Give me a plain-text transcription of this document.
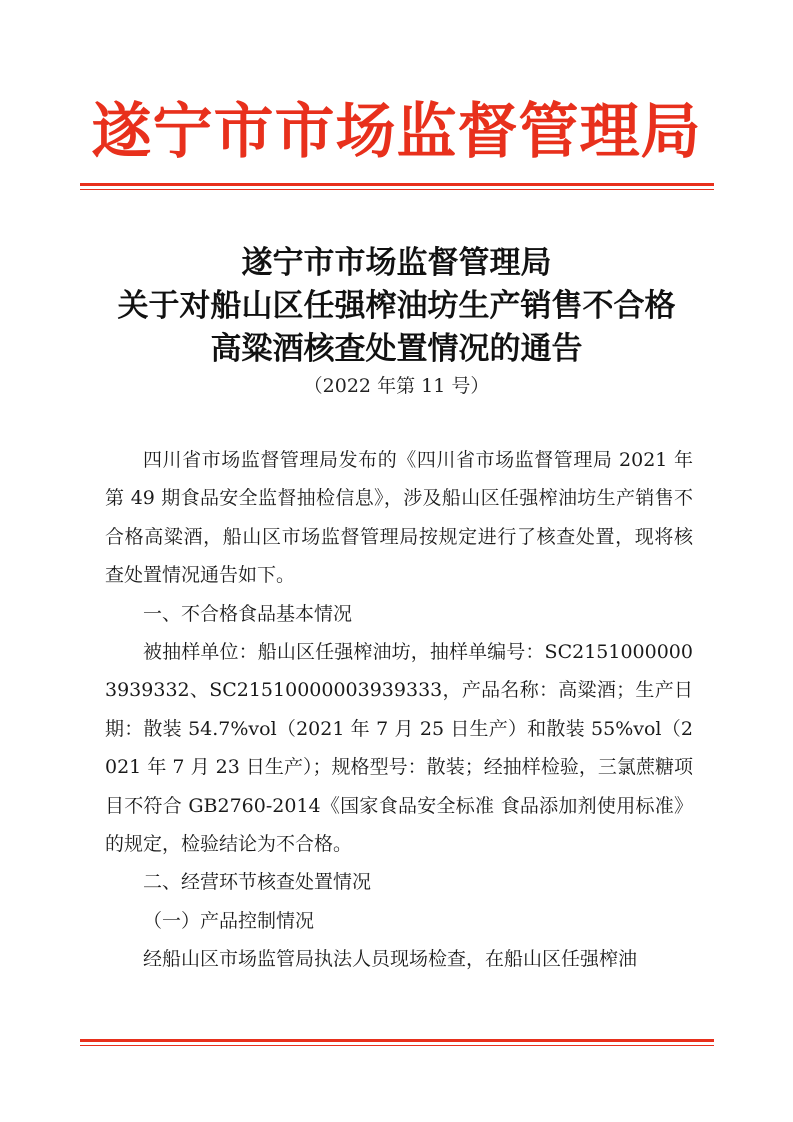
遂宁市市场监督管理局
遂宁市市场监督管理局
关于对船山区任强榨油坊生产销售不合格
高粱酒核查处置情况的通告
（2022 年第 11 号）

四川省市场监督管理局发布的《四川省市场监督管理局 2021 年第 49 期食品安全监督抽检信息》，涉及船山区任强榨油坊生产销售不合格高粱酒，船山区市场监督管理局按规定进行了核查处置，现将核查处置情况通告如下。

一、不合格食品基本情况

被抽样单位：船山区任强榨油坊，抽样单编号：SC21510000003939332、SC21510000003939333，产品名称：高粱酒；生产日期：散装 54.7%vol（2021 年 7 月 25 日生产）和散装 55%vol（2021 年 7 月 23 日生产）；规格型号：散装；经抽样检验，三氯蔗糖项目不符合 GB2760-2014《国家食品安全标准 食品添加剂使用标准》的规定，检验结论为不合格。

二、经营环节核查处置情况

（一）产品控制情况

经船山区市场监管局执法人员现场检查，在船山区任强榨油
